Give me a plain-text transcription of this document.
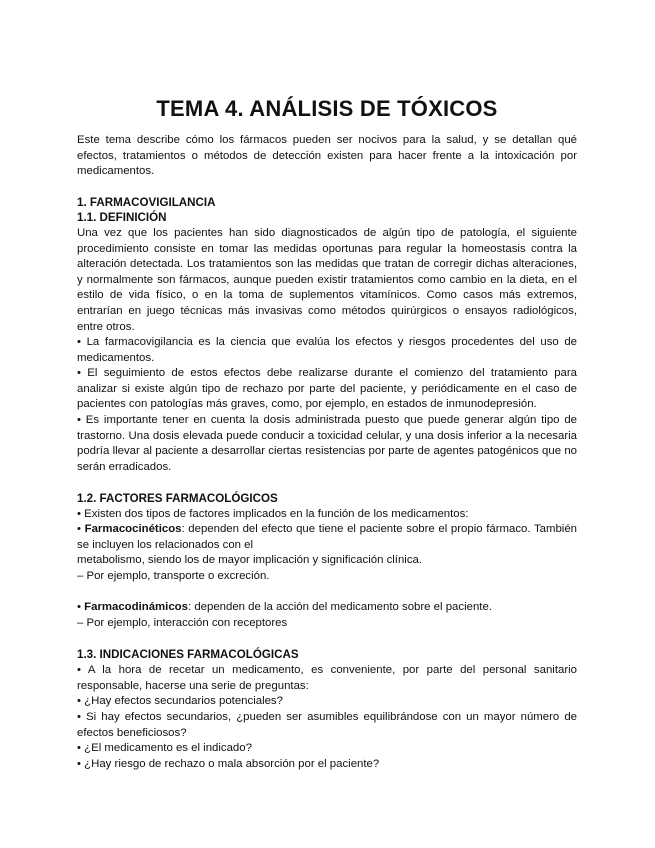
TEMA 4. ANÁLISIS DE TÓXICOS

Este tema describe cómo los fármacos pueden ser nocivos para la salud, y se detallan qué efectos, tratamientos o métodos de detección existen para hacer frente a la intoxicación por medicamentos.

1. FARMACOVIGILANCIA
1.1. DEFINICIÓN

Una vez que los pacientes han sido diagnosticados de algún tipo de patología, el siguiente procedimiento consiste en tomar las medidas oportunas para regular la homeostasis contra la alteración detectada. Los tratamientos son las medidas que tratan de corregir dichas alteraciones, y normalmente son fármacos, aunque pueden existir tratamientos como cambio en la dieta, en el estilo de vida físico, o en la toma de suplementos vitamínicos. Como casos más extremos, entrarían en juego técnicas más invasivas como métodos quirúrgicos o ensayos radiológicos, entre otros.

• La farmacovigilancia es la ciencia que evalúa los efectos y riesgos procedentes del uso de medicamentos.

• El seguimiento de estos efectos debe realizarse durante el comienzo del tratamiento para analizar si existe algún tipo de rechazo por parte del paciente, y periódicamente en el caso de pacientes con patologías más graves, como, por ejemplo, en estados de inmunodepresión.

• Es importante tener en cuenta la dosis administrada puesto que puede generar algún tipo de trastorno. Una dosis elevada puede conducir a toxicidad celular, y una dosis inferior a la necesaria podría llevar al paciente a desarrollar ciertas resistencias por parte de agentes patogénicos que no serán erradicados.

1.2. FACTORES FARMACOLÓGICOS

• Existen dos tipos de factores implicados en la función de los medicamentos:

• Farmacocinéticos: dependen del efecto que tiene el paciente sobre el propio fármaco. También se incluyen los relacionados con el

metabolismo, siendo los de mayor implicación y significación clínica.

– Por ejemplo, transporte o excreción.

• Farmacodinámicos: dependen de la acción del medicamento sobre el paciente.

– Por ejemplo, interacción con receptores

1.3. INDICACIONES FARMACOLÓGICAS

• A la hora de recetar un medicamento, es conveniente, por parte del personal sanitario responsable, hacerse una serie de preguntas:

• ¿Hay efectos secundarios potenciales?

• Si hay efectos secundarios, ¿pueden ser asumibles equilibrándose con un mayor número de efectos beneficiosos?

• ¿El medicamento es el indicado?

• ¿Hay riesgo de rechazo o mala absorción por el paciente?
